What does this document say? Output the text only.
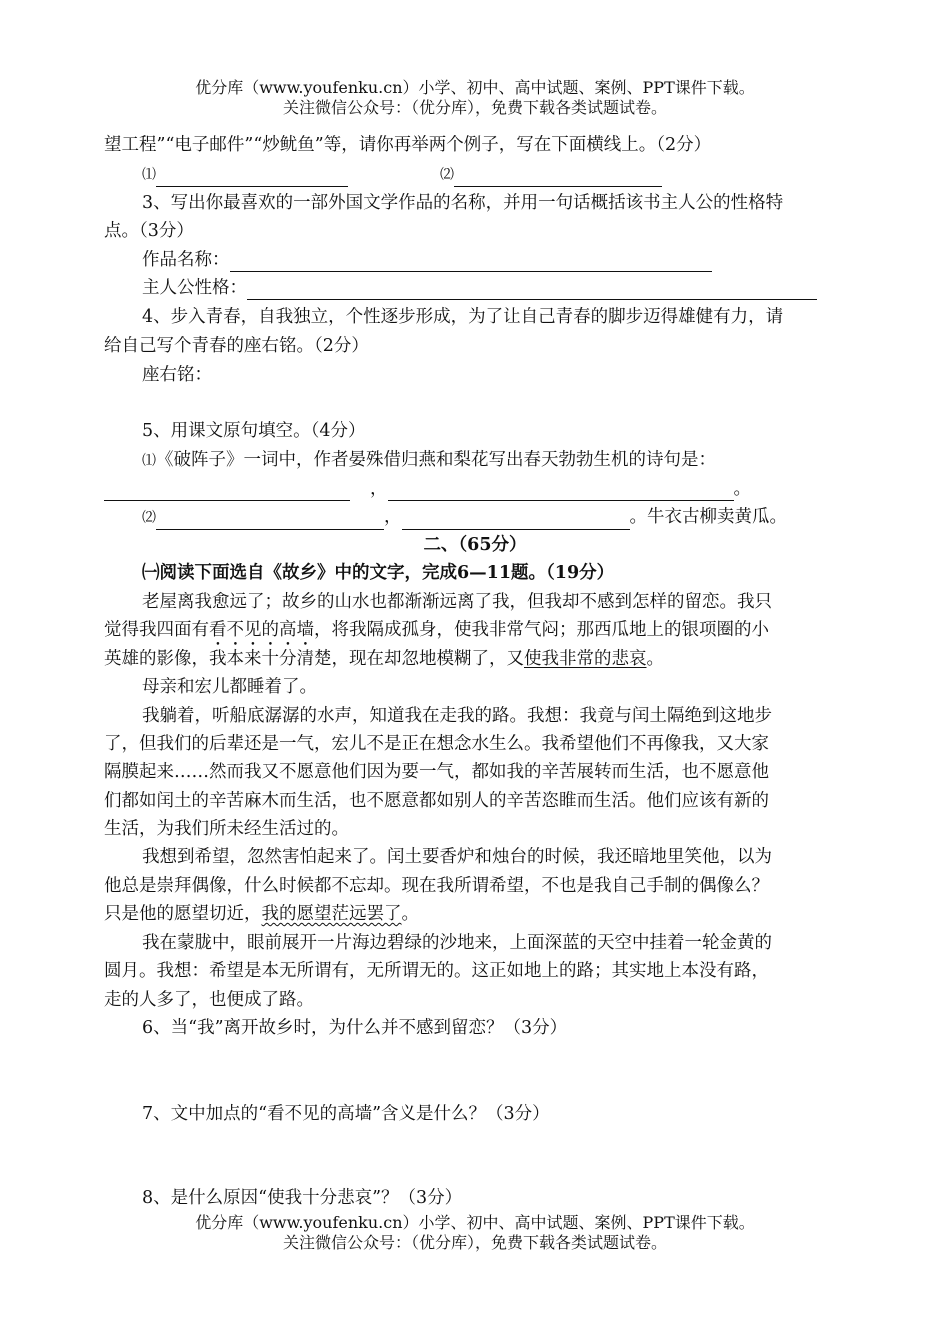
优分库（www.youfenku.cn）小学、初中、高中试题、案例、PPT课件下载。
关注微信公众号：（优分库），免费下载各类试题试卷。
望工程”“电子邮件”“炒鱿鱼”等，请你再举两个例子，写在下面横线上。（2分）
⑴	⑵
3、写出你最喜欢的一部外国文学作品的名称，并用一句话概括该书主人公的性格特
点。（3分）
作品名称：
主人公性格：
4、步入青春，自我独立，个性逐步形成，为了让自己青春的脚步迈得雄健有力，请
给自己写个青春的座右铭。（2分）
座右铭：
5、用课文原句填空。（4分）
⑴《破阵子》一词中，作者晏殊借归燕和梨花写出春天勃勃生机的诗句是：
，	。
⑵	，	。牛衣古柳卖黄瓜。
二、（65分）
㈠阅读下面选自《故乡》中的文字，完成6—11题。（19分）
老屋离我愈远了；故乡的山水也都渐渐远离了我，但我却不感到怎样的留恋。我只
觉得我四面有看不见的高墙，将我隔成孤身，使我非常气闷；那西瓜地上的银项圈的小
英雄的影像，我本来十分清楚，现在却忽地模糊了，又使我非常的悲哀。
母亲和宏儿都睡着了。
我躺着，听船底潺潺的水声，知道我在走我的路。我想：我竟与闰土隔绝到这地步
了，但我们的后辈还是一气，宏儿不是正在想念水生么。我希望他们不再像我，又大家
隔膜起来……然而我又不愿意他们因为要一气，都如我的辛苦展转而生活，也不愿意他
们都如闰土的辛苦麻木而生活，也不愿意都如别人的辛苦恣睢而生活。他们应该有新的
生活，为我们所未经生活过的。
我想到希望，忽然害怕起来了。闰土要香炉和烛台的时候，我还暗地里笑他，以为
他总是崇拜偶像，什么时候都不忘却。现在我所谓希望，不也是我自己手制的偶像么？
只是他的愿望切近，我的愿望茫远罢了。
我在蒙胧中，眼前展开一片海边碧绿的沙地来，上面深蓝的天空中挂着一轮金黄的
圆月。我想：希望是本无所谓有，无所谓无的。这正如地上的路；其实地上本没有路，
走的人多了，也便成了路。
6、当“我”离开故乡时，为什么并不感到留恋？（3分）
7、文中加点的“看不见的高墙”含义是什么？（3分）
8、是什么原因“使我十分悲哀”？（3分）
优分库（www.youfenku.cn）小学、初中、高中试题、案例、PPT课件下载。
关注微信公众号：（优分库），免费下载各类试题试卷。
